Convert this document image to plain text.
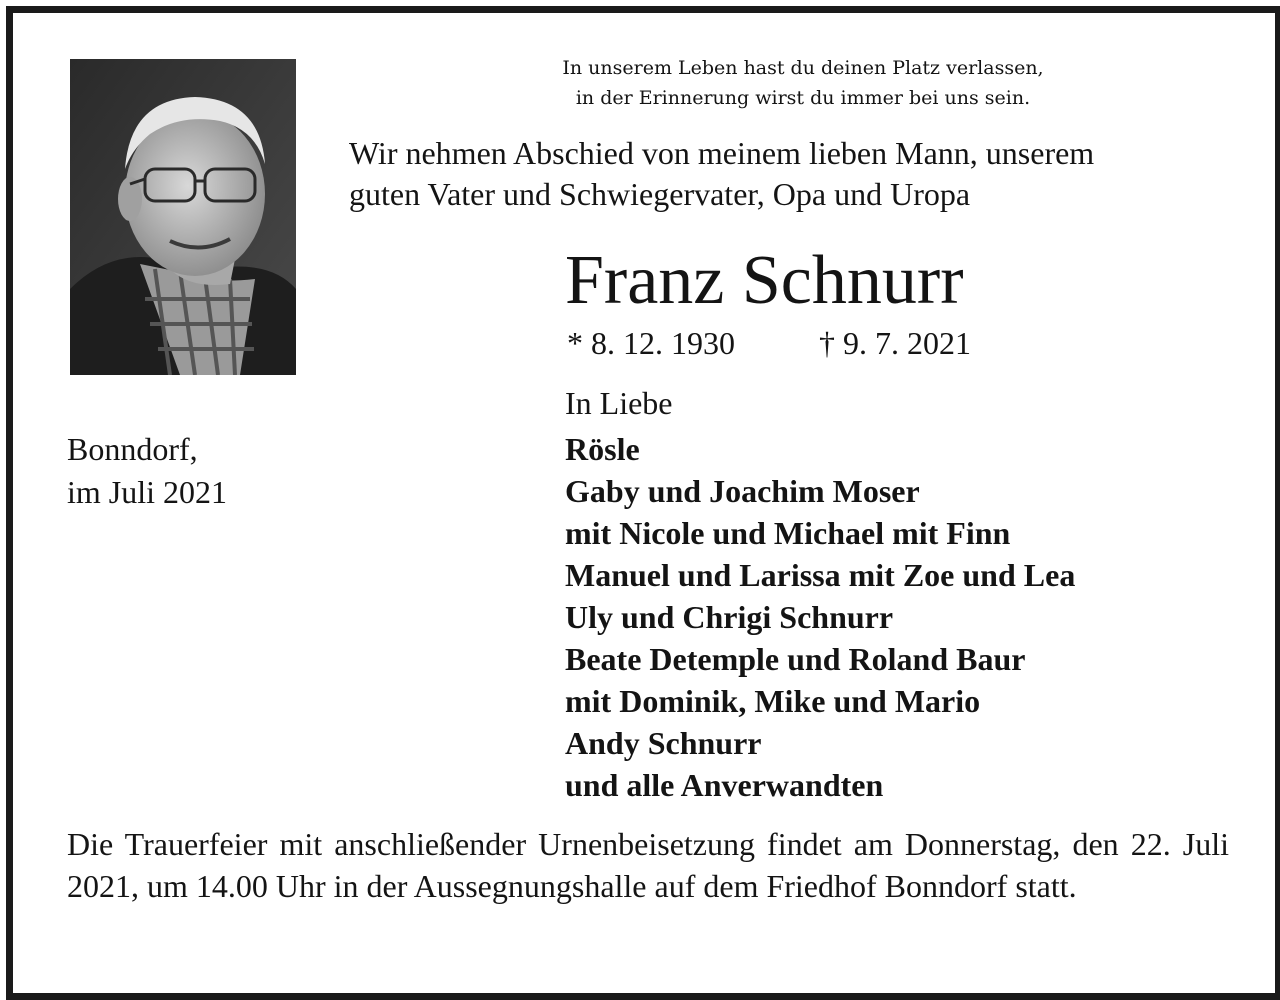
In unserem Leben hast du deinen Platz verlassen,
in der Erinnerung wirst du immer bei uns sein.
Wir nehmen Abschied von meinem lieben Mann, unserem
guten Vater und Schwiegervater, Opa und Uropa
Franz Schnurr
* 8. 12. 1930	† 9. 7. 2021
In Liebe
Bonndorf,
im Juli 2021
Rösle
Gaby und Joachim Moser
mit Nicole und Michael mit Finn
Manuel und Larissa mit Zoe und Lea
Uly und Chrigi Schnurr
Beate Detemple und Roland Baur
mit Dominik, Mike und Mario
Andy Schnurr
und alle Anverwandten
Die Trauerfeier mit anschließender Urnenbeisetzung findet am Donnerstag, den 22. Juli 2021, um 14.00 Uhr in der Aussegnungshalle auf dem Friedhof Bonndorf statt.
